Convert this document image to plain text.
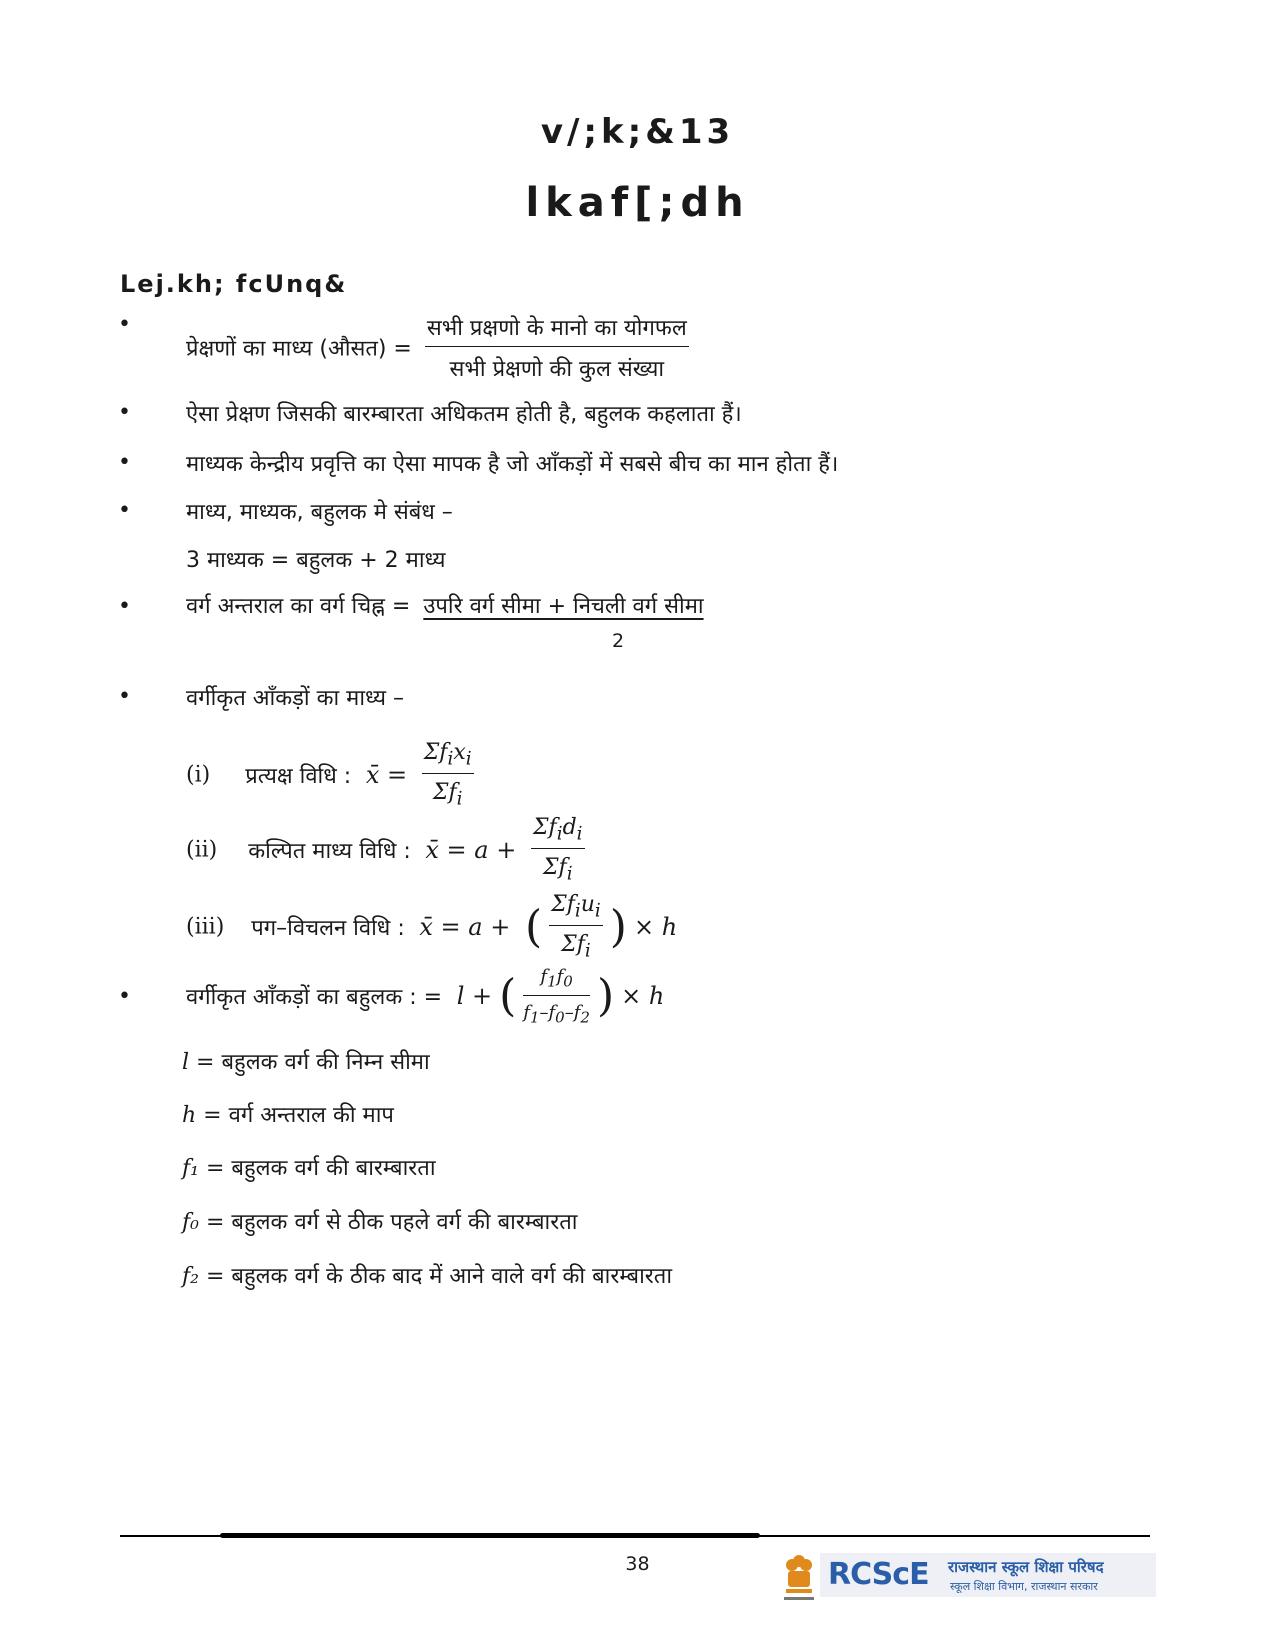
v/;k;&13
lkaf[;dh
Lej.kh; fcUnq&
•
प्रेक्षणों का माध्य (औसत) = $\frac{\text{सभी प्रक्षणो के मानो का योगफल}}{\text{सभी प्रेक्षणो की कुल संख्या}}$
•	ऐसा प्रेक्षण जिसकी बारम्बारता अधिकतम होती है, बहुलक कहलाता हैं।
•	माध्यक केन्द्रीय प्रवृत्ति का ऐसा मापक है जो आँकड़ों में सबसे बीच का मान होता हैं।
•	माध्य, माध्यक, बहुलक मे संबंध –
3 माध्यक = बहुलक + 2 माध्य
•	वर्ग अन्तराल का वर्ग चिह्न = उपरि वर्ग सीमा + निचली वर्ग सीमा
2
•	वर्गीकृत आँकड़ों का माध्य –
(i) प्रत्यक्ष विधि :  x̄ = $\frac{\Sigma f_ix_i}{\Sigma f_i}$
(ii) कल्पित माध्य विधि :  x̄ = $a + \frac{\Sigma f_id_i}{\Sigma f_i}$
(iii) पग–विचलन विधि :  x̄ = a +  ( $\frac{\Sigma f_iu_i}{\Sigma f_i}$ ) × h
•	वर्गीकृत आँकड़ों का बहुलक : =  l + ( $\frac{f_1f_0}{f_1-f_0-f_2}$ ) × h
l = बहुलक वर्ग की निम्न सीमा
h = वर्ग अन्तराल की माप
f₁ = बहुलक वर्ग की बारम्बारता
f₀ = बहुलक वर्ग से ठीक पहले वर्ग की बारम्बारता
f₂ = बहुलक वर्ग के ठीक बाद में आने वाले वर्ग की बारम्बारता
38	RCScE राजस्थान स्कूल शिक्षा परिषद
स्कूल शिक्षा विभाग, राजस्थान सरकार
